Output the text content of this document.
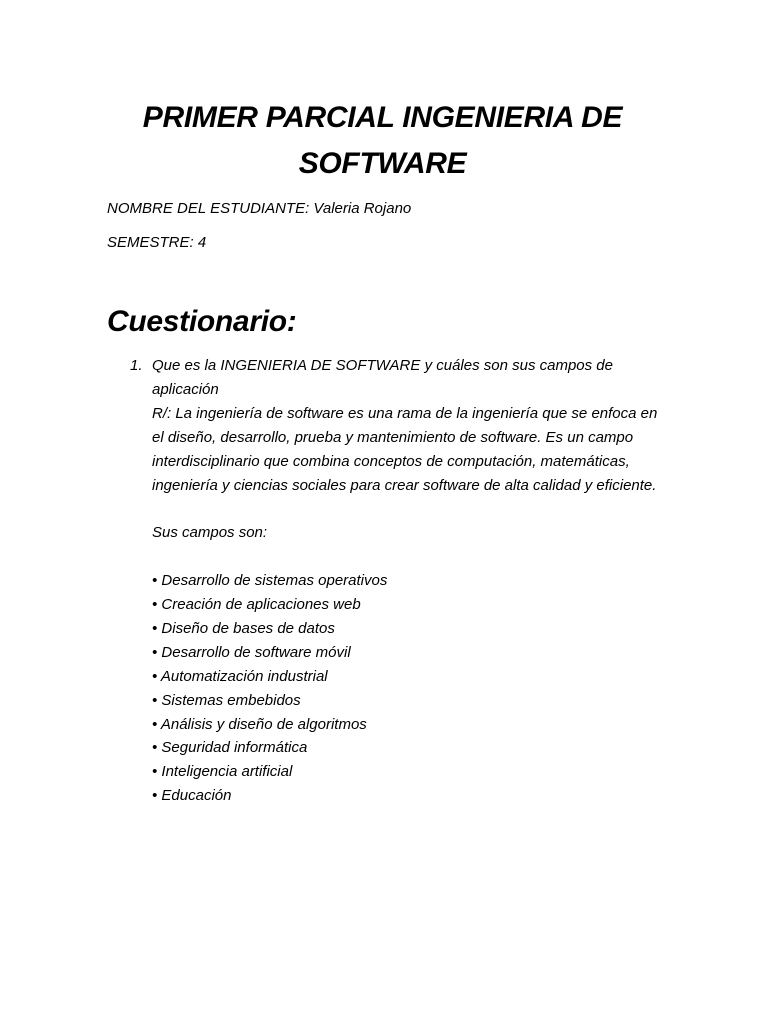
PRIMER PARCIAL INGENIERIA DE SOFTWARE
NOMBRE DEL ESTUDIANTE: Valeria Rojano
SEMESTRE: 4
Cuestionario:
1. Que es la INGENIERIA DE SOFTWARE y cuáles son sus campos de aplicación

R/: La ingeniería de software es una rama de la ingeniería que se enfoca en el diseño, desarrollo, prueba y mantenimiento de software. Es un campo interdisciplinario que combina conceptos de computación, matemáticas, ingeniería y ciencias sociales para crear software de alta calidad y eficiente.

Sus campos son:

• Desarrollo de sistemas operativos
• Creación de aplicaciones web
• Diseño de bases de datos
• Desarrollo de software móvil
• Automatización industrial
• Sistemas embebidos
• Análisis y diseño de algoritmos
• Seguridad informática
• Inteligencia artificial
• Educación
